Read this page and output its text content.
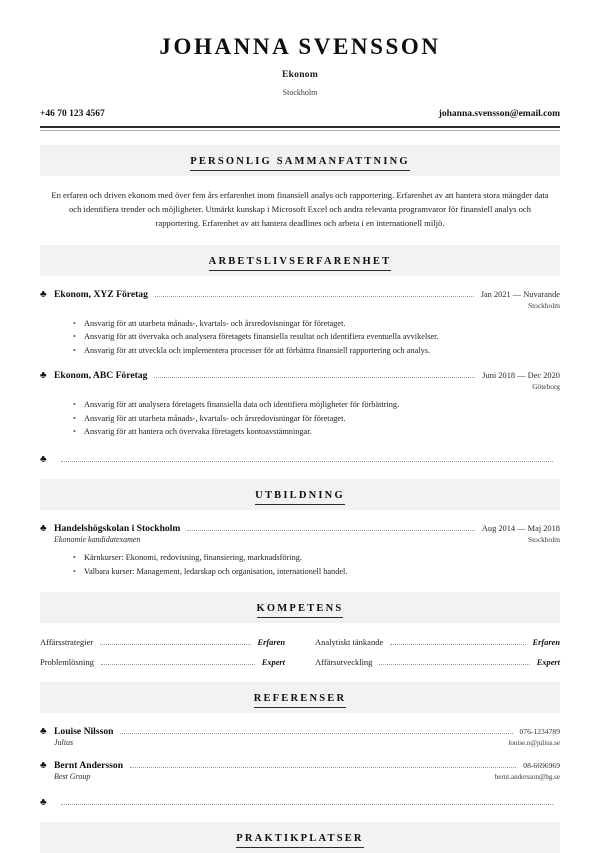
JOHANNA SVENSSON
Ekonom
Stockholm
+46 70 123 4567	johanna.svensson@email.com
PERSONLIG SAMMANFATTNING
En erfaren och driven ekonom med över fem års erfarenhet inom finansiell analys och rapportering. Erfarenhet av att hantera stora mängder data och identifiera trender och möjligheter. Utmärkt kunskap i Microsoft Excel och andra relevanta programvaror för finansiell analys och rapportering. Erfarenhet av att hantera deadlines och arbeta i en internationell miljö.
ARBETSLIVSERFARENHET
♣ Ekonom, XYZ Företag	Jan 2021 — Nuvarande
Stockholm
• Ansvarig för att utarbeta månads-, kvartals- och årsredovisningar för företaget.
• Ansvarig för att övervaka och analysera företagets finansiella resultat och identifiera eventuella avvikelser.
• Ansvarig för att utveckla och implementera processer för att förbättra finansiell rapportering och analys.
♣ Ekonom, ABC Företag	Juni 2018 — Dec 2020
Göteborg
• Ansvarig för att analysera företagets finansiella data och identifiera möjligheter för förbättring.
• Ansvarig för att utarbeta månads-, kvartals- och årsredovisningar för företaget.
• Ansvarig för att hantera och övervaka företagets kontoavstämningar.
♣
UTBILDNING
♣ Handelshögskolan i Stockholm	Aug 2014 — Maj 2018
Ekonomie kandidatexamen	Stockholm
• Kärnkurser: Ekonomi, redovisning, finansiering, marknadsföring.
• Valbara kurser: Management, ledarskap och organisation, internationell handel.
KOMPETENS
Affärsstrategier	Erfaren	Analytiskt tänkande	Erfaren
Problemlösning	Expert	Affärsutveckling	Expert
REFERENSER
♣ Louise Nilsson	076-1234789
Julius	louise.n@julius.se
♣ Bernt Andersson	08-6696969
Best Group	bernt.andersson@bg.se
♣
PRAKTIKPLATSER
